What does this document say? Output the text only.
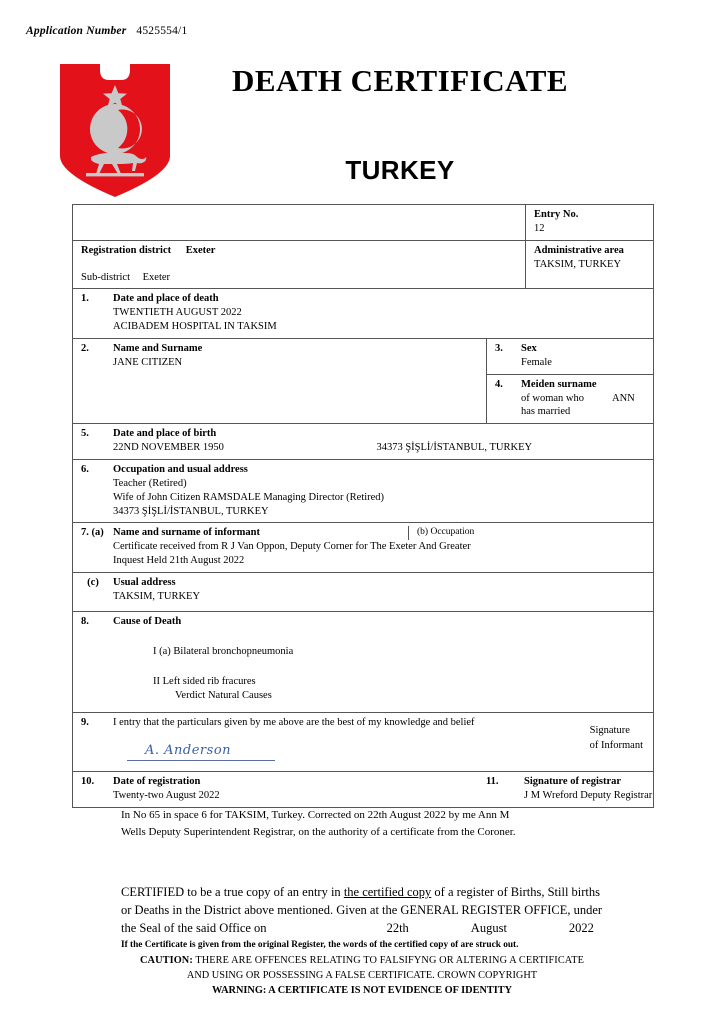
Application Number 4525554/1
DEATH CERTIFICATE
TURKEY
Entry No.
12
Registration district Exeter
Sub-district Exeter
Administrative area
TAKSIM, TURKEY
1.	Date and place of death
TWENTIETH AUGUST 2022
ACIBADEM HOSPITAL IN TAKSIM
2.	Name and Surname
JANE CITIZEN
3.	Sex
Female
4.	Meiden surname
of woman who	ANN
has married
5.	Date and place of birth
22ND NOVEMBER 1950	34373 ŞİŞLİ/İSTANBUL, TURKEY
6.	Occupation and usual address
Teacher (Retired)
Wife of John Citizen RAMSDALE Managing Director (Retired)
34373 ŞİŞLİ/İSTANBUL, TURKEY
7. (a) Name and surname of informant	(b) Occupation
Certificate received from R J Van Oppon, Deputy Corner for The Exeter And Greater
Inquest Held 21th August 2022
(c)	Usual address
TAKSIM, TURKEY
8.	Cause of Death
I (a) Bilateral bronchopneumonia
II Left sided rib fracures
Verdict Natural Causes
9.	I entry that the particulars given by me above are the best of my knowledge and belief
A. Anderson
Signature
of Informant
10.	Date of registration
Twenty-two August 2022
11.	Signature of registrar
J M Wreford Deputy Registrar
In No 65 in space 6 for TAKSIM, Turkey. Corrected on 22th August 2022 by me Ann M
Wells Deputy Superintendent Registrar, on the authority of a certificate from the Coroner.
CERTIFIED to be a true copy of an entry in the certified copy of a register of Births, Still births
or Deaths in the District above mentioned. Given at the GENERAL REGISTER OFFICE, under
the Seal of the said Office on	22th	August	2022
If the Certificate is given from the original Register, the words of the certified copy of are struck out.
CAUTION: THERE ARE OFFENCES RELATING TO FALSIFYNG OR ALTERING A CERTIFICATE
AND USING OR POSSESSING A FALSE CERTIFICATE. CROWN COPYRIGHT
WARNING: A CERTIFICATE IS NOT EVIDENCE OF IDENTITY
